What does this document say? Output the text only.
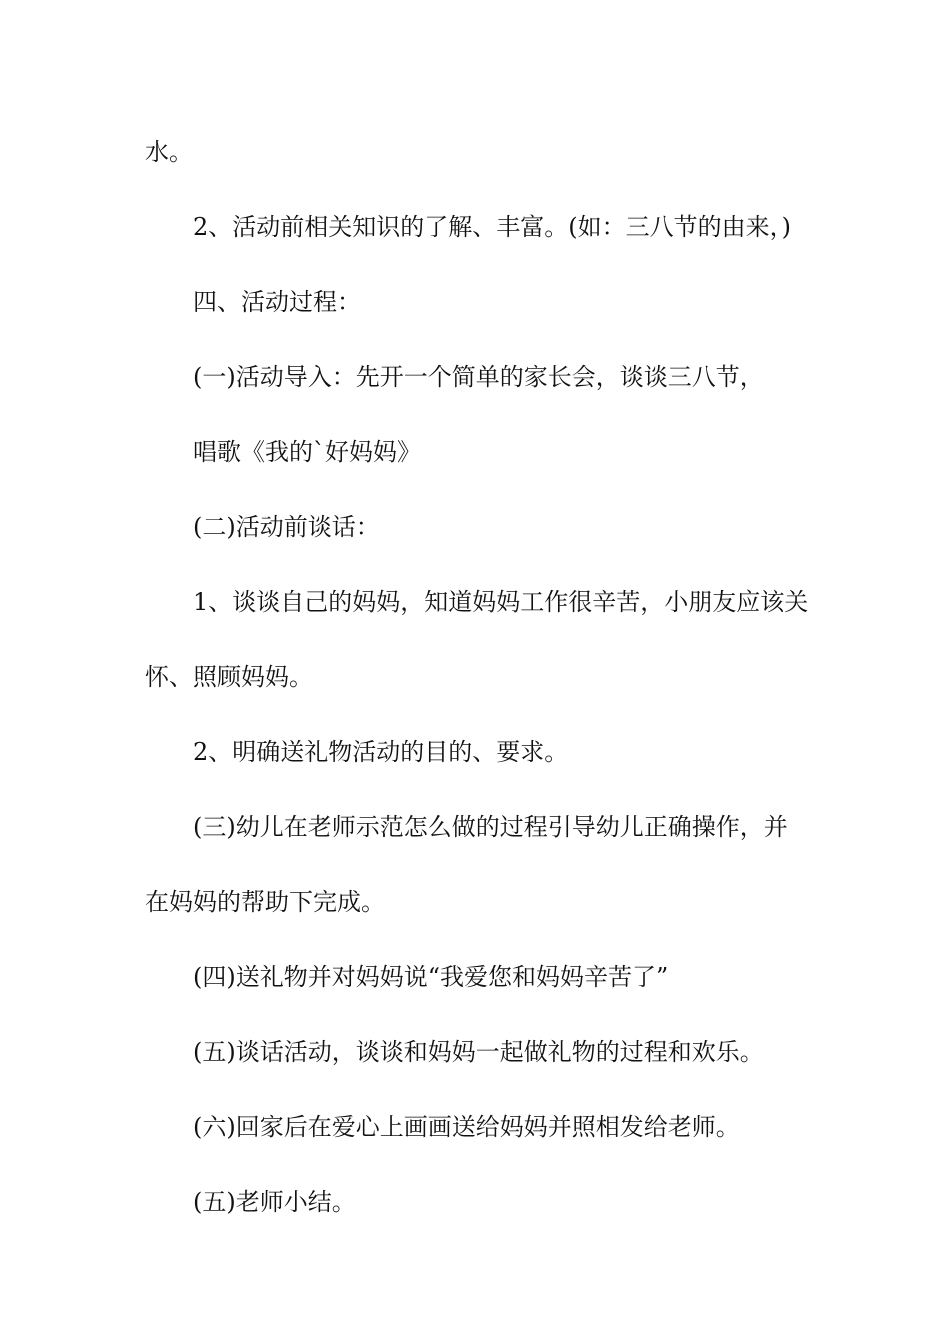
水。
2、活动前相关知识的了解、丰富。(如：三八节的由来，)
四、活动过程：
(一)活动导入：先开一个简单的家长会，谈谈三八节，
唱歌《我的`好妈妈》
(二)活动前谈话：
1、谈谈自己的妈妈，知道妈妈工作很辛苦，小朋友应该关
怀、照顾妈妈。
2、明确送礼物活动的目的、要求。
(三)幼儿在老师示范怎么做的过程引导幼儿正确操作，并
在妈妈的帮助下完成。
(四)送礼物并对妈妈说“我爱您和妈妈辛苦了”
(五)谈话活动，谈谈和妈妈一起做礼物的过程和欢乐。
(六)回家后在爱心上画画送给妈妈并照相发给老师。
(五)老师小结。
